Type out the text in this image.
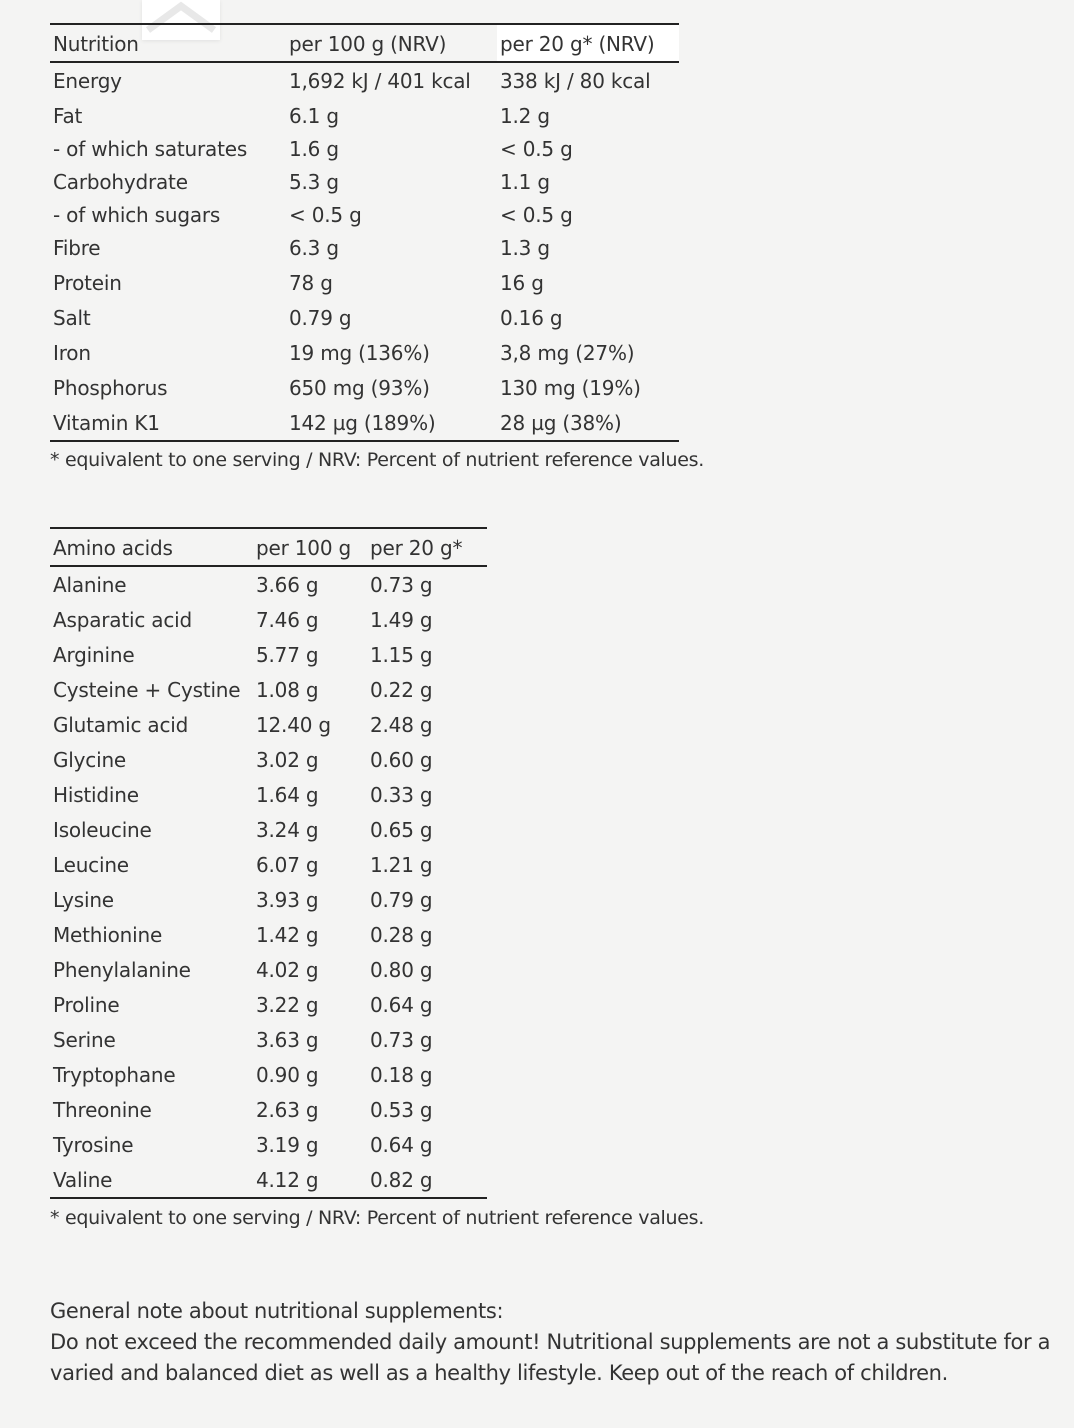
Nutrition	per 100 g (NRV)	per 20 g* (NRV)
Energy	1,692 kJ / 401 kcal	338 kJ / 80 kcal
Fat	6.1 g	1.2 g
- of which saturates	1.6 g	< 0.5 g
Carbohydrate	5.3 g	1.1 g
- of which sugars	< 0.5 g	< 0.5 g
Fibre	6.3 g	1.3 g
Protein	78 g	16 g
Salt	0.79 g	0.16 g
Iron	19 mg (136%)	3,8 mg (27%)
Phosphorus	650 mg (93%)	130 mg (19%)
Vitamin K1	142 µg (189%)	28 µg (38%)
* equivalent to one serving / NRV: Percent of nutrient reference values.
Amino acids	per 100 g	per 20 g*
Alanine	3.66 g	0.73 g
Asparatic acid	7.46 g	1.49 g
Arginine	5.77 g	1.15 g
Cysteine + Cystine	1.08 g	0.22 g
Glutamic acid	12.40 g	2.48 g
Glycine	3.02 g	0.60 g
Histidine	1.64 g	0.33 g
Isoleucine	3.24 g	0.65 g
Leucine	6.07 g	1.21 g
Lysine	3.93 g	0.79 g
Methionine	1.42 g	0.28 g
Phenylalanine	4.02 g	0.80 g
Proline	3.22 g	0.64 g
Serine	3.63 g	0.73 g
Tryptophane	0.90 g	0.18 g
Threonine	2.63 g	0.53 g
Tyrosine	3.19 g	0.64 g
Valine	4.12 g	0.82 g
* equivalent to one serving / NRV: Percent of nutrient reference values.

General note about nutritional supplements:

Do not exceed the recommended daily amount! Nutritional supplements are not a substitute for a varied and balanced diet as well as a healthy lifestyle. Keep out of the reach of children.
